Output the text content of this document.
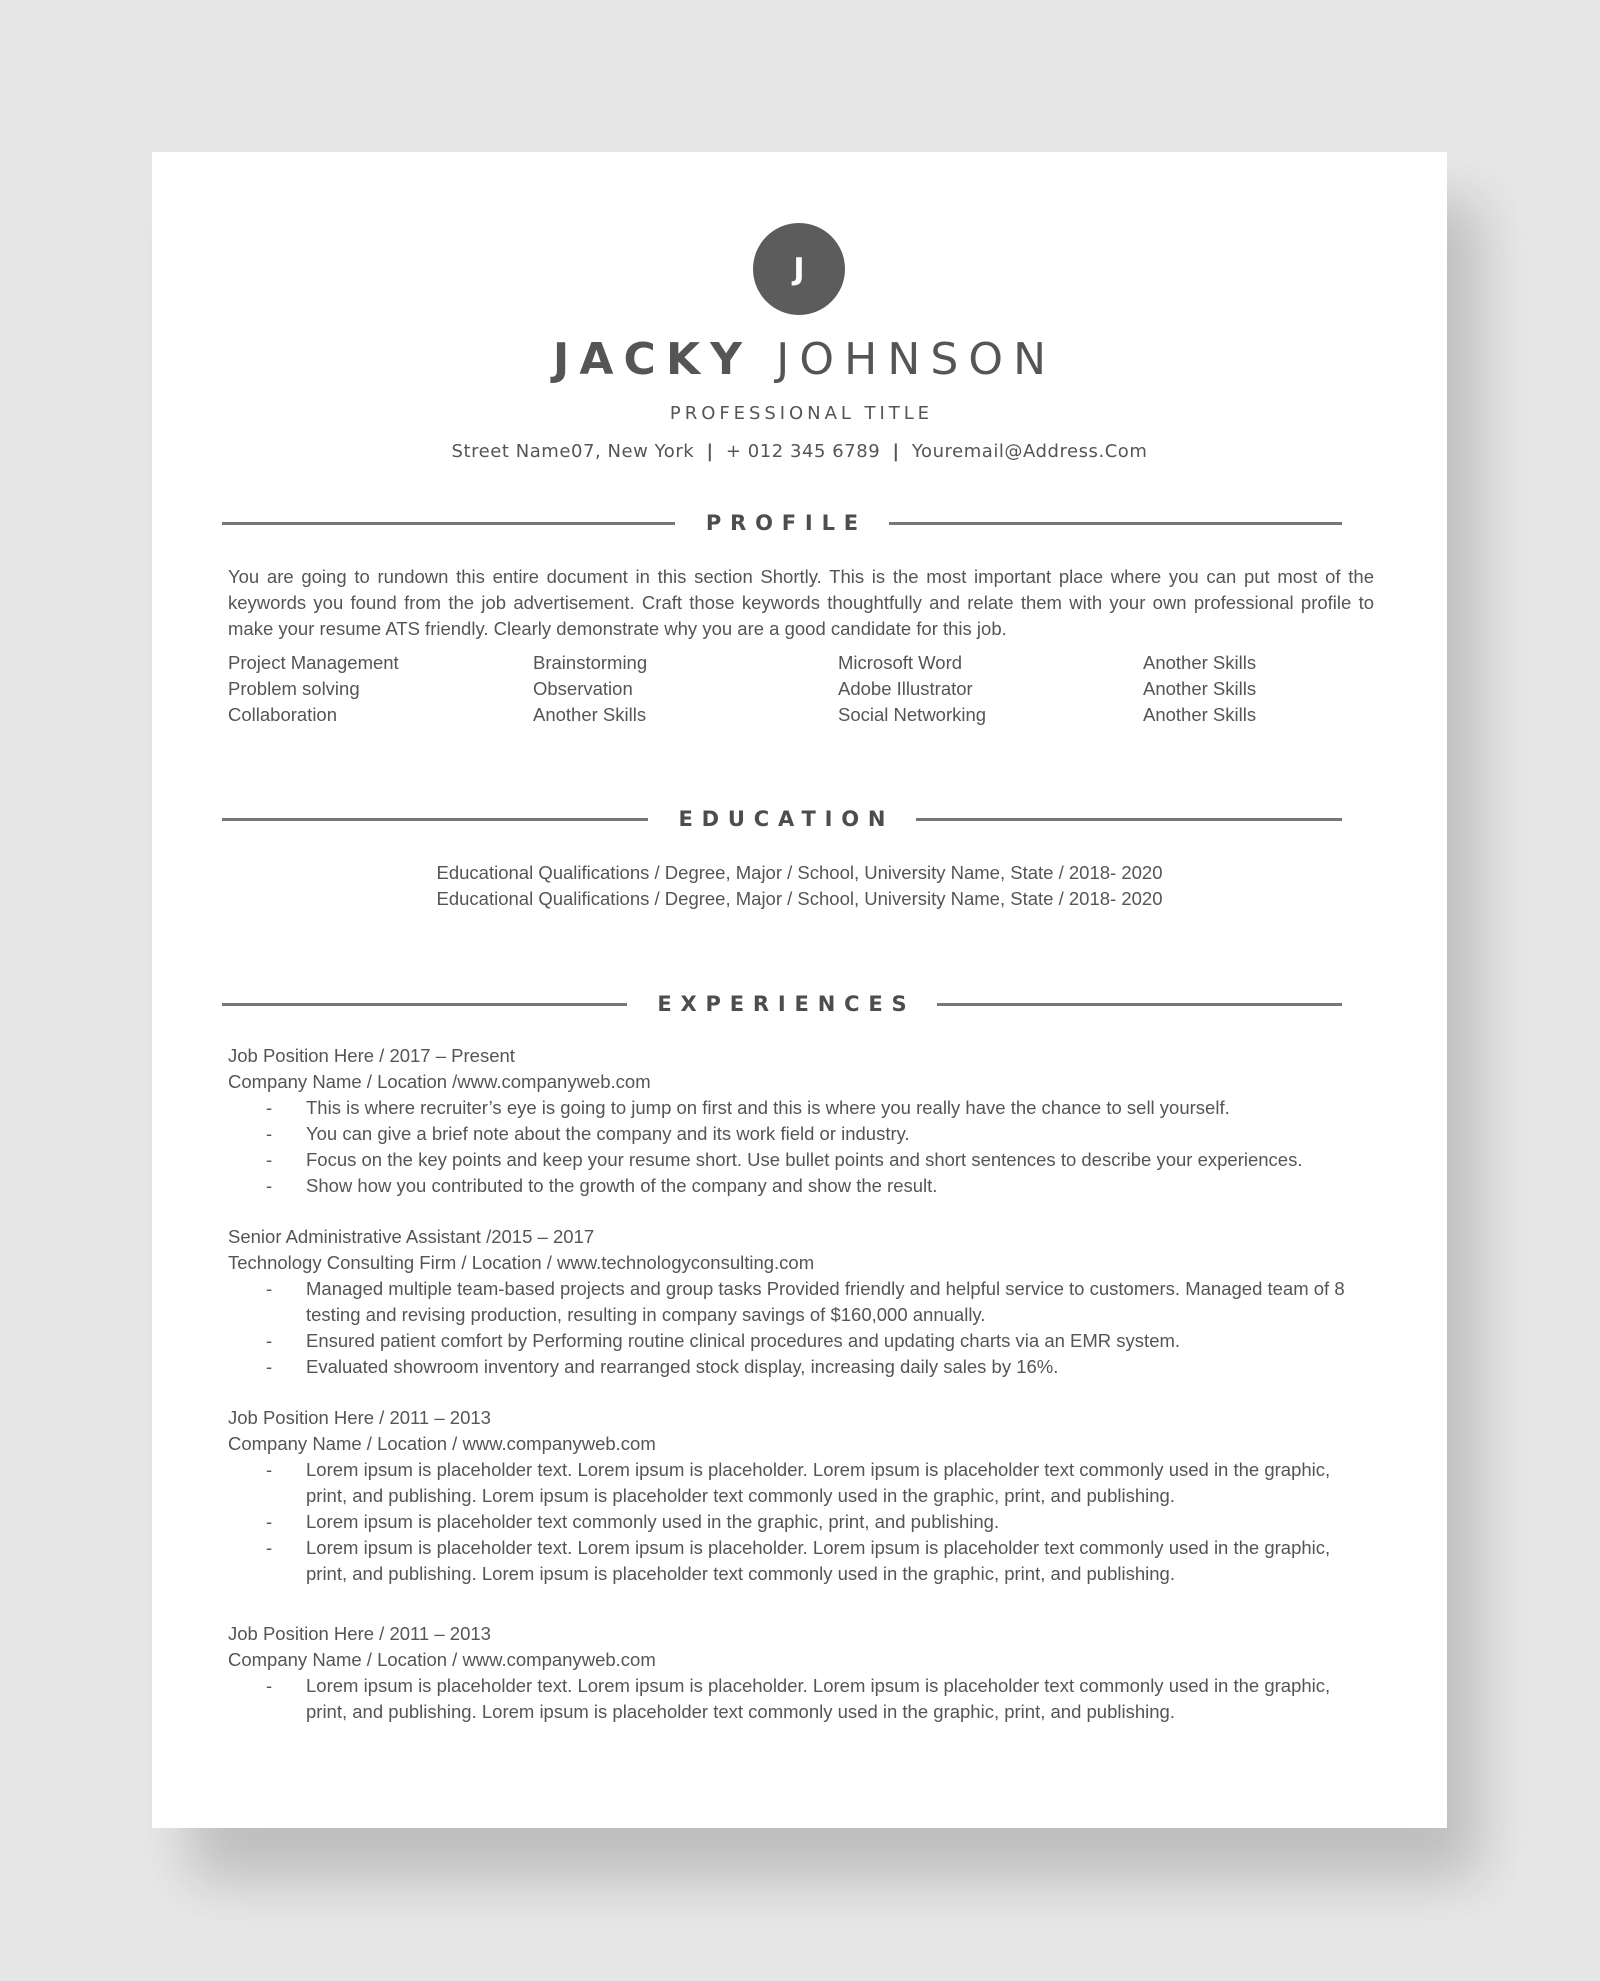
J
JACKY JOHNSON
PROFESSIONAL TITLE
Street Name07, New York | + 012 345 6789 | Youremail@Address.Com
PROFILE

You are going to rundown this entire document in this section Shortly. This is the most important place where you can put most of the keywords you found from the job advertisement. Craft those keywords thoughtfully and relate them with your own professional profile to make your resume ATS friendly. Clearly demonstrate why you are a good candidate for this job.

Project Management	Brainstorming	Microsoft Word	Another Skills
Problem solving	Observation	Adobe Illustrator	Another Skills
Collaboration	Another Skills	Social Networking	Another Skills
EDUCATION
Educational Qualifications / Degree, Major / School, University Name, State / 2018- 2020
Educational Qualifications / Degree, Major / School, University Name, State / 2018- 2020
EXPERIENCES
Job Position Here / 2017 – Present
Company Name / Location /www.companyweb.com
- This is where recruiter’s eye is going to jump on first and this is where you really have the chance to sell yourself.
- You can give a brief note about the company and its work field or industry.
- Focus on the key points and keep your resume short. Use bullet points and short sentences to describe your experiences.
- Show how you contributed to the growth of the company and show the result.
Senior Administrative Assistant /2015 – 2017
Technology Consulting Firm / Location / www.technologyconsulting.com
- Managed multiple team-based projects and group tasks Provided friendly and helpful service to customers. Managed team of 8 testing and revising production, resulting in company savings of $160,000 annually.
- Ensured patient comfort by Performing routine clinical procedures and updating charts via an EMR system.
- Evaluated showroom inventory and rearranged stock display, increasing daily sales by 16%.
Job Position Here / 2011 – 2013
Company Name / Location / www.companyweb.com
- Lorem ipsum is placeholder text. Lorem ipsum is placeholder. Lorem ipsum is placeholder text commonly used in the graphic, print, and publishing. Lorem ipsum is placeholder text commonly used in the graphic, print, and publishing.
- Lorem ipsum is placeholder text commonly used in the graphic, print, and publishing.
- Lorem ipsum is placeholder text. Lorem ipsum is placeholder. Lorem ipsum is placeholder text commonly used in the graphic, print, and publishing. Lorem ipsum is placeholder text commonly used in the graphic, print, and publishing.
Job Position Here / 2011 – 2013
Company Name / Location / www.companyweb.com
- Lorem ipsum is placeholder text. Lorem ipsum is placeholder. Lorem ipsum is placeholder text commonly used in the graphic, print, and publishing. Lorem ipsum is placeholder text commonly used in the graphic, print, and publishing.
